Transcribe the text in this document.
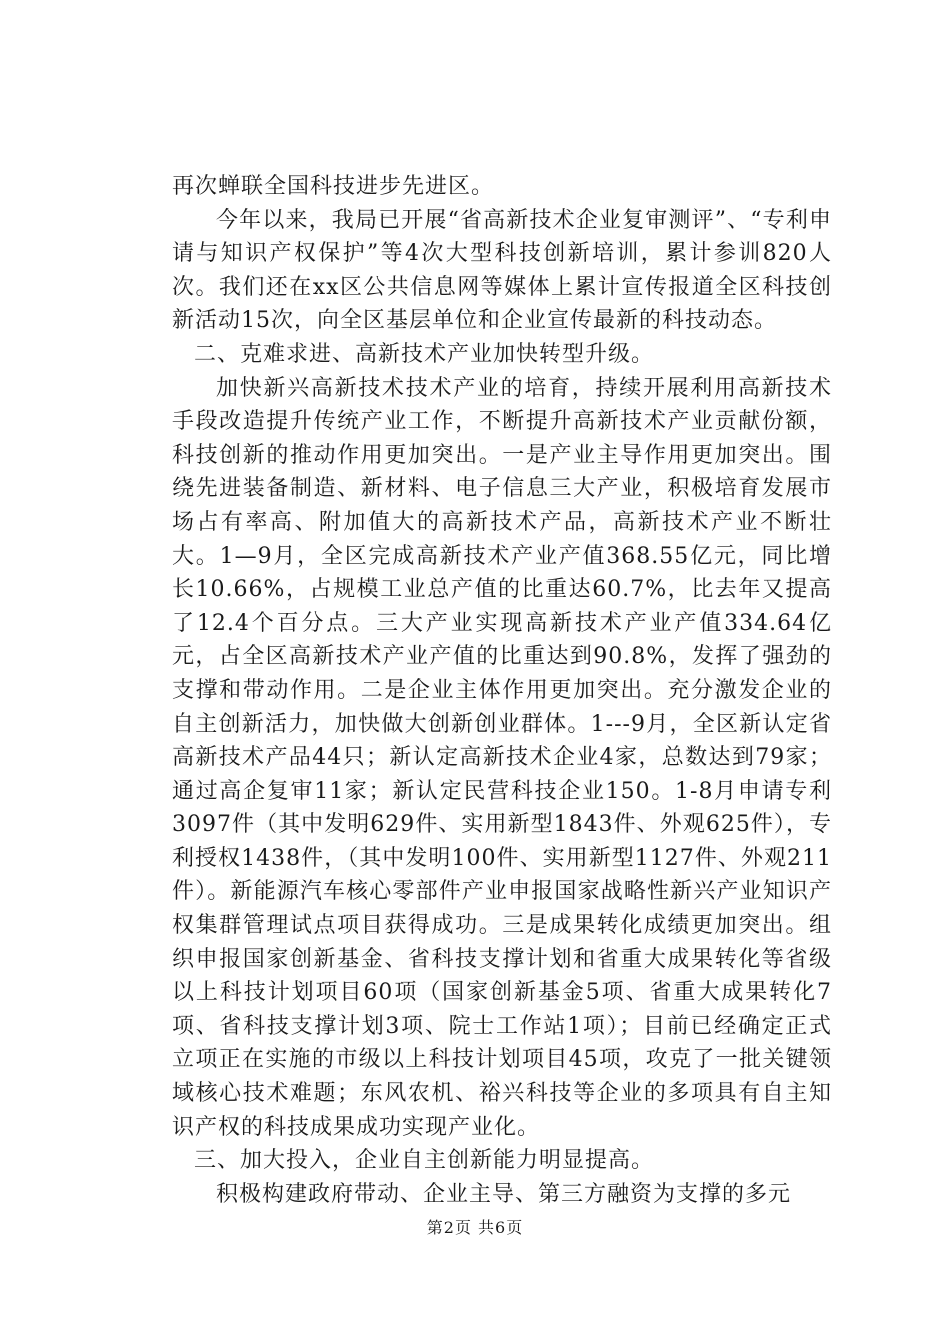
再次蝉联全国科技进步先进区。

今年以来，我局已开展“省高新技术企业复审测评”、“专利申请与知识产权保护”等4次大型科技创新培训，累计参训820人次。我们还在xx区公共信息网等媒体上累计宣传报道全区科技创新活动15次，向全区基层单位和企业宣传最新的科技动态。

二、克难求进、高新技术产业加快转型升级。

加快新兴高新技术技术产业的培育，持续开展利用高新技术手段改造提升传统产业工作，不断提升高新技术产业贡献份额，科技创新的推动作用更加突出。一是产业主导作用更加突出。围绕先进装备制造、新材料、电子信息三大产业，积极培育发展市场占有率高、附加值大的高新技术产品，高新技术产业不断壮大。1—9月，全区完成高新技术产业产值368.55亿元，同比增长10.66%，占规模工业总产值的比重达60.7%，比去年又提高了12.4个百分点。三大产业实现高新技术产业产值334.64亿元，占全区高新技术产业产值的比重达到90.8%，发挥了强劲的支撑和带动作用。二是企业主体作用更加突出。充分激发企业的自主创新活力，加快做大创新创业群体。1---9月，全区新认定省高新技术产品44只；新认定高新技术企业4家，总数达到79家；通过高企复审11家；新认定民营科技企业150。1-8月申请专利3097件（其中发明629件、实用新型1843件、外观625件），专利授权1438件，（其中发明100件、实用新型1127件、外观211件）。新能源汽车核心零部件产业申报国家战略性新兴产业知识产权集群管理试点项目获得成功。三是成果转化成绩更加突出。组织申报国家创新基金、省科技支撑计划和省重大成果转化等省级以上科技计划项目60项（国家创新基金5项、省重大成果转化7项、省科技支撑计划3项、院士工作站1项）；目前已经确定正式立项正在实施的市级以上科技计划项目45项，攻克了一批关键领域核心技术难题；东风农机、裕兴科技等企业的多项具有自主知识产权的科技成果成功实现产业化。

三、加大投入，企业自主创新能力明显提高。

积极构建政府带动、企业主导、第三方融资为支撑的多元

第2页 共6页
